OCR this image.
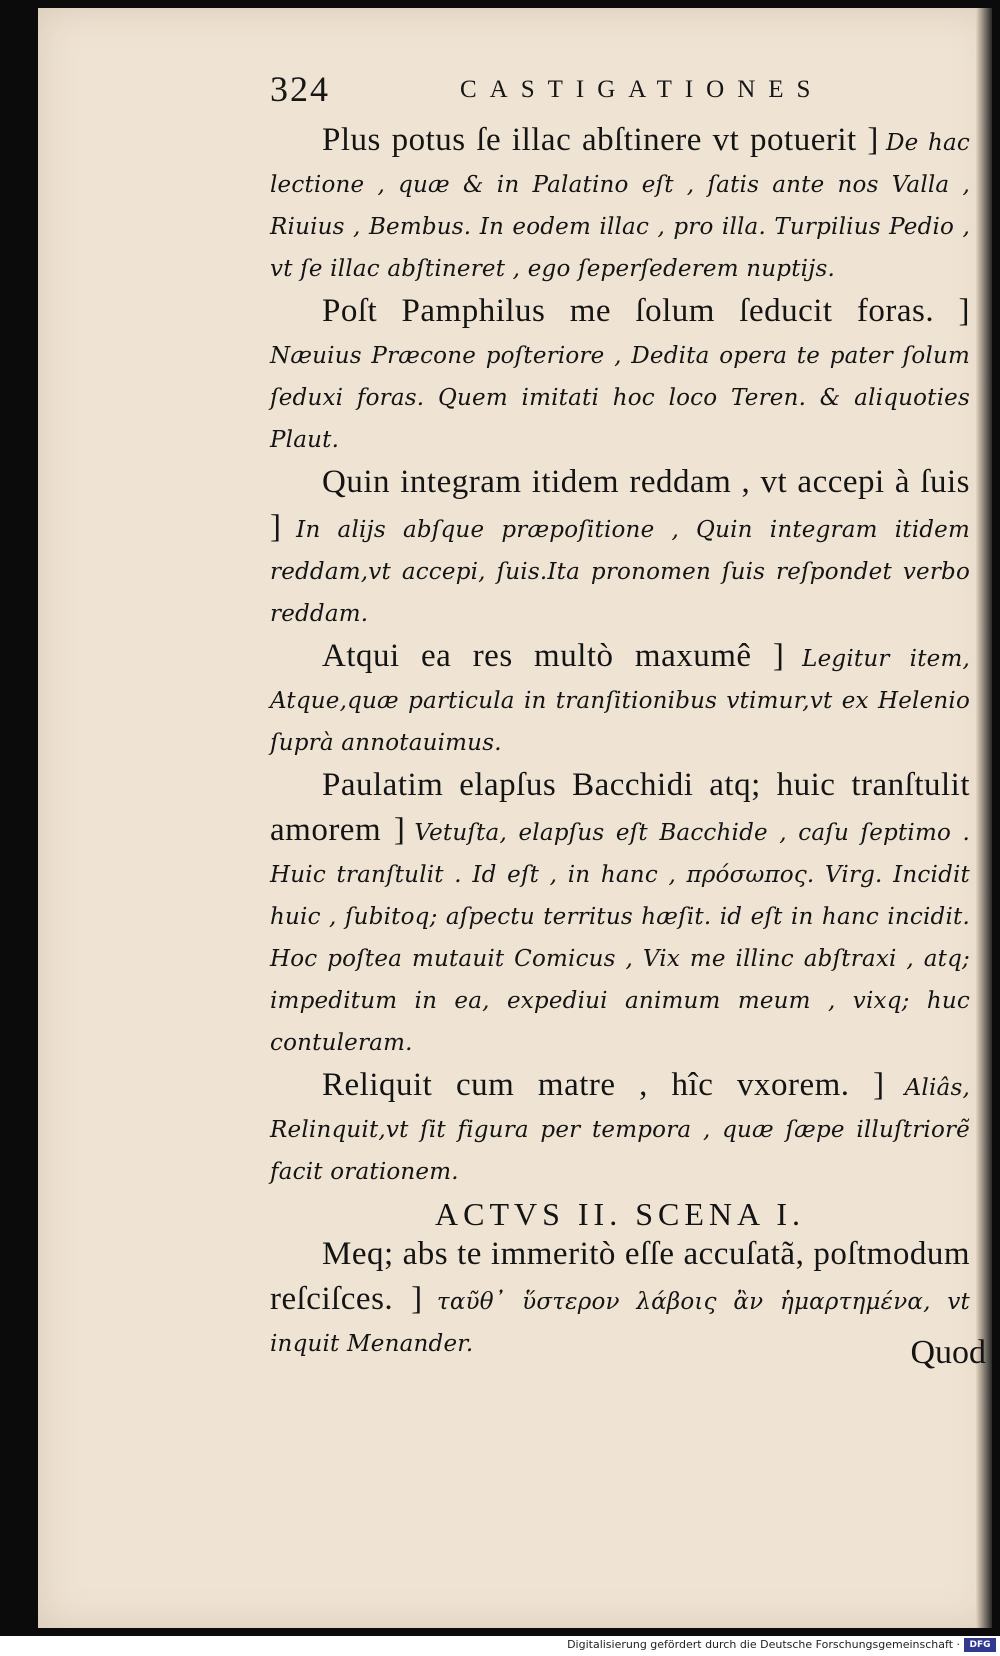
324	CASTIGATIONES

Plus potus ſe illac abſtinere vt potuerit ] De hac lectione , quæ & in Palatino eſt , ſatis ante nos Valla , Riuius , Bembus. In eodem illac , pro illa. Turpilius Pedio , vt ſe illac abſtineret , ego ſeperſederem nuptijs.

Poſt Pamphilus me ſolum ſeducit foras. ] Næuius Præcone poſteriore , Dedita opera te pater ſolum ſeduxi foras. Quem imitati hoc loco Teren. & aliquoties Plaut.

Quin integram itidem reddam , vt accepi à ſuis ] In alijs abſque præpoſitione , Quin integram itidem reddam,vt accepi, ſuis.Ita pronomen ſuis reſpondet verbo reddam.

Atqui ea res multò maxumê ] Legitur item, Atque,quæ particula in tranſitionibus vtimur,vt ex Helenio ſuprà annotauimus.

Paulatim elapſus Bacchidi atq; huic tranſtulit amorem ] Vetuſta, elapſus eſt Bacchide , caſu ſeptimo . Huic tranſtulit . Id eſt , in hanc , πρόσωπος. Virg. Incidit huic , ſubitoq; aſpectu territus hæſit. id eſt in hanc incidit. Hoc poſtea mutauit Comicus , Vix me illinc abſtraxi , atq; impeditum in ea, expediui animum meum , vixq; huc contuleram.

Reliquit cum matre , hîc vxorem. ] Aliâs, Relinquit,vt ſit figura per tempora , quæ ſæpe illuſtriorẽ facit orationem.

ACTVS II. SCENA I.

Meq; abs te immeritò eſſe accuſatã, poſtmodum reſciſces. ] ταῦθ᾽ ὕστερον λάβοις ἂν ἡμαρτημένα, vt inquit Menander.	Quod
Digitalisierung gefördert durch die Deutsche Forschungsgemeinschaft ·	DFG
